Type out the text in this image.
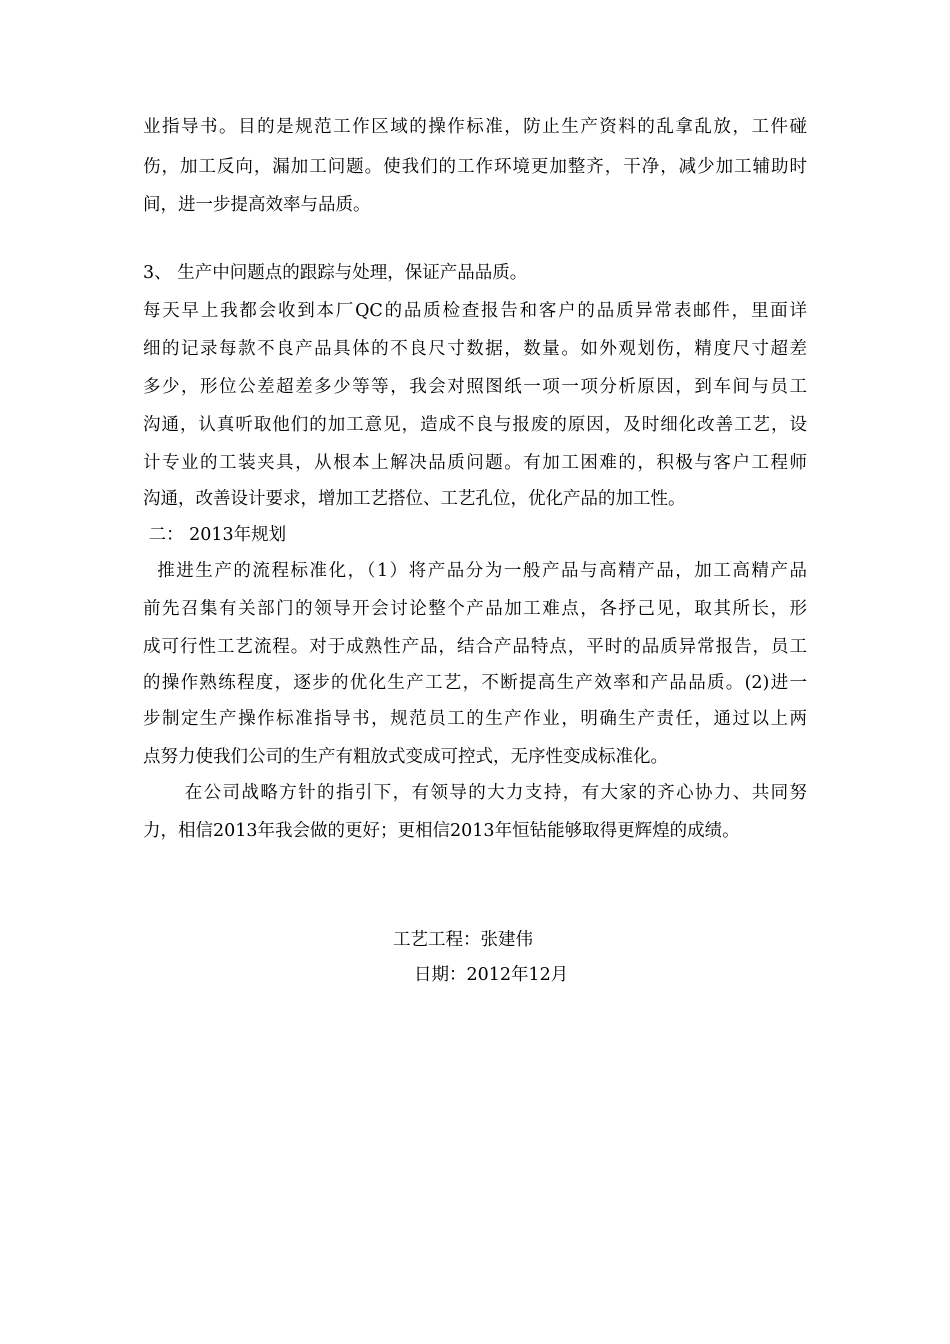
业指导书。目的是规范工作区域的操作标准，防止生产资料的乱拿乱放，工件碰
伤，加工反向，漏加工问题。使我们的工作环境更加整齐，干净，减少加工辅助时
间，进一步提高效率与品质。
3、 生产中问题点的跟踪与处理，保证产品品质。
每天早上我都会收到本厂QC的品质检查报告和客户的品质异常表邮件，里面详
细的记录每款不良产品具体的不良尺寸数据，数量。如外观划伤，精度尺寸超差
多少，形位公差超差多少等等，我会对照图纸一项一项分析原因，到车间与员工
沟通，认真听取他们的加工意见，造成不良与报废的原因，及时细化改善工艺，设
计专业的工装夹具，从根本上解决品质问题。有加工困难的，积极与客户工程师
沟通，改善设计要求，增加工艺搭位、工艺孔位，优化产品的加工性。
二： 2013年规划
推进生产的流程标准化，（1）将产品分为一般产品与高精产品，加工高精产品
前先召集有关部门的领导开会讨论整个产品加工难点，各抒己见，取其所长，形
成可行性工艺流程。对于成熟性产品，结合产品特点，平时的品质异常报告，员工
的操作熟练程度，逐步的优化生产工艺，不断提高生产效率和产品品质。(2)进一
步制定生产操作标准指导书，规范员工的生产作业，明确生产责任，通过以上两
点努力使我们公司的生产有粗放式变成可控式，无序性变成标准化。
在公司战略方针的指引下，有领导的大力支持，有大家的齐心协力、共同努
力，相信2013年我会做的更好；更相信2013年恒钻能够取得更辉煌的成绩。
工艺工程：张建伟
日期：2012年12月
